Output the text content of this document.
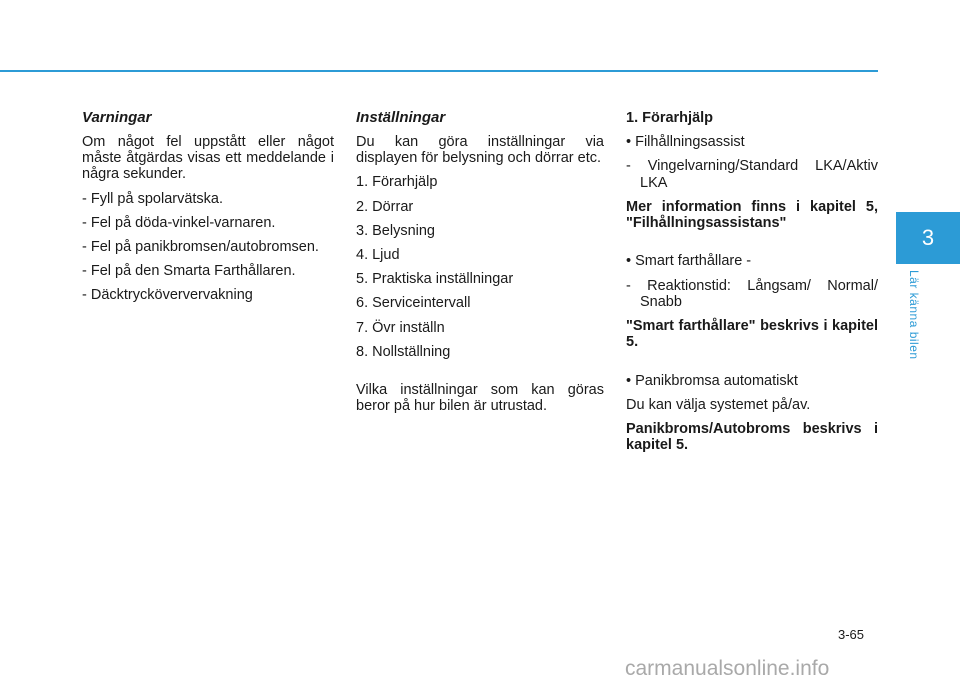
Varningar

Om något fel uppstått eller något måste åtgärdas visas ett meddelande i några sekunder.

- Fyll på spolarvätska.

- Fel på döda-vinkel-varnaren.

- Fel på panikbromsen/autobromsen.

- Fel på den Smarta Farthållaren.

- Däcktrycköververvakning

Inställningar

Du kan göra inställningar via displayen för belysning och dörrar etc.

1. Förarhjälp

2. Dörrar

3. Belysning

4. Ljud

5. Praktiska inställningar

6. Serviceintervall

7. Övr inställn

8. Nollställning

Vilka inställningar som kan göras beror på hur bilen är utrustad.

1. Förarhjälp

• Filhållningsassist

- Vingelvarning/Standard LKA/Aktiv LKA

Mer information finns i kapitel 5, "Filhållningsassistans"

• Smart farthållare -

- Reaktionstid: Långsam/ Normal/ Snabb

"Smart farthållare" beskrivs i kapitel 5.

• Panikbromsa automatiskt

Du kan välja systemet på/av.

Panikbroms/Autobroms beskrivs i kapitel 5.

3
Lär känna bilen
3-65
carmanualsonline.info
